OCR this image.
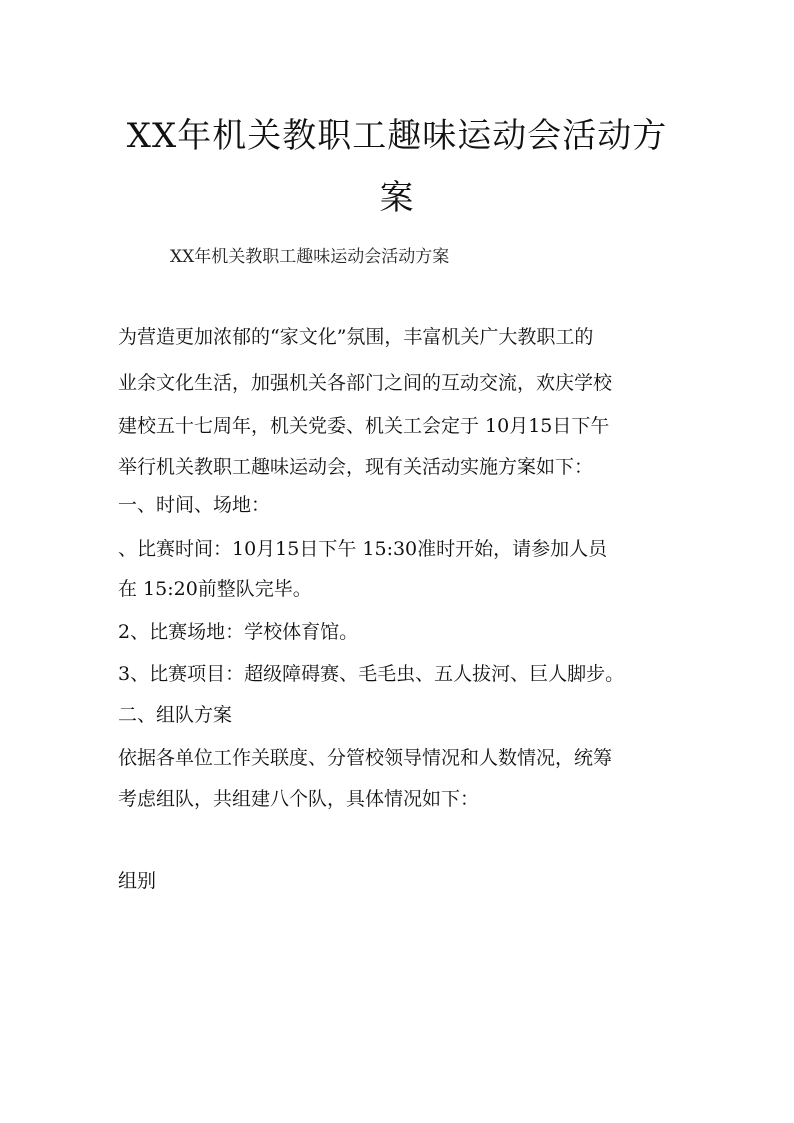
XX年机关教职工趣味运动会活动方
案
XX年机关教职工趣味运动会活动方案
为营造更加浓郁的“家文化”氛围，丰富机关广大教职工的
业余文化生活，加强机关各部门之间的互动交流，欢庆学校
建校五十七周年，机关党委、机关工会定于 10月15日下午
举行机关教职工趣味运动会，现有关活动实施方案如下：
一、时间、场地：
、比赛时间：10月15日下午 15:30准时开始，请参加人员
在 15:20前整队完毕。
2、比赛场地：学校体育馆。
3、比赛项目：超级障碍赛、毛毛虫、五人拔河、巨人脚步。
二、组队方案
依据各单位工作关联度、分管校领导情况和人数情况，统筹
考虑组队，共组建八个队，具体情况如下：
组别
